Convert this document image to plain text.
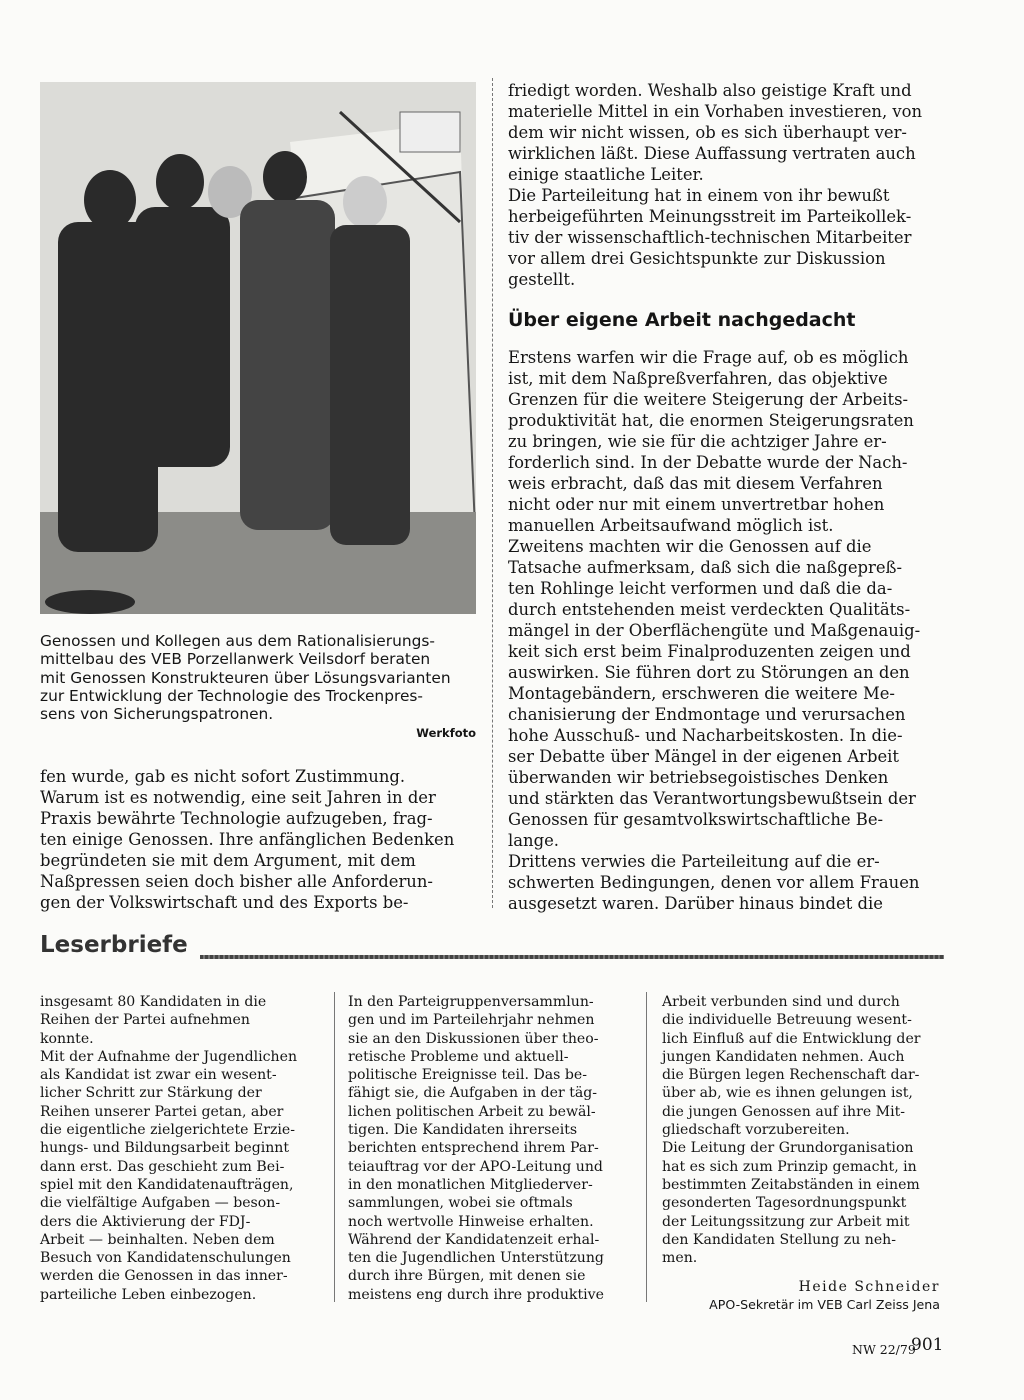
Genossen und Kollegen aus dem Rationalisierungs-
mittelbau des VEB Porzellanwerk Veilsdorf beraten
mit Genossen Konstrukteuren über Lösungsvarianten
zur Entwicklung der Technologie des Trockenpres-
sens von Sicherungspatronen.

Werkfoto

fen wurde, gab es nicht sofort Zustimmung.
Warum ist es notwendig, eine seit Jahren in der
Praxis bewährte Technologie aufzugeben, frag-
ten einige Genossen. Ihre anfänglichen Bedenken
begründeten sie mit dem Argument, mit dem
Naßpressen seien doch bisher alle Anforderun-
gen der Volkswirtschaft und des Exports be-

friedigt worden. Weshalb also geistige Kraft und
materielle Mittel in ein Vorhaben investieren, von
dem wir nicht wissen, ob es sich überhaupt ver-
wirklichen läßt. Diese Auffassung vertraten auch
einige staatliche Leiter.
Die Parteileitung hat in einem von ihr bewußt
herbeigeführten Meinungsstreit im Parteikollek-
tiv der wissenschaftlich-technischen Mitarbeiter
vor allem drei Gesichtspunkte zur Diskussion
gestellt.

Über eigene Arbeit nachgedacht

Erstens warfen wir die Frage auf, ob es möglich
ist, mit dem Naßpreßverfahren, das objektive
Grenzen für die weitere Steigerung der Arbeits-
produktivität hat, die enormen Steigerungsraten
zu bringen, wie sie für die achtziger Jahre er-
forderlich sind. In der Debatte wurde der Nach-
weis erbracht, daß das mit diesem Verfahren
nicht oder nur mit einem unvertretbar hohen
manuellen Arbeitsaufwand möglich ist.
Zweitens machten wir die Genossen auf die
Tatsache aufmerksam, daß sich die naßgepreß-
ten Rohlinge leicht verformen und daß die da-
durch entstehenden meist verdeckten Qualitäts-
mängel in der Oberflächengüte und Maßgenauig-
keit sich erst beim Finalproduzenten zeigen und
auswirken. Sie führen dort zu Störungen an den
Montagebändern, erschweren die weitere Me-
chanisierung der Endmontage und verursachen
hohe Ausschuß- und Nacharbeitskosten. In die-
ser Debatte über Mängel in der eigenen Arbeit
überwanden wir betriebsegoistisches Denken
und stärkten das Verantwortungsbewußtsein der
Genossen für gesamtvolkswirtschaftliche Be-
lange.
Drittens verwies die Parteileitung auf die er-
schwerten Bedingungen, denen vor allem Frauen
ausgesetzt waren. Darüber hinaus bindet die

Leserbriefe

insgesamt 80 Kandidaten in die
Reihen der Partei aufnehmen
konnte.
Mit der Aufnahme der Jugendlichen
als Kandidat ist zwar ein wesent-
licher Schritt zur Stärkung der
Reihen unserer Partei getan, aber
die eigentliche zielgerichtete Erzie-
hungs- und Bildungsarbeit beginnt
dann erst. Das geschieht zum Bei-
spiel mit den Kandidatenaufträgen,
die vielfältige Aufgaben — beson-
ders die Aktivierung der FDJ-
Arbeit — beinhalten. Neben dem
Besuch von Kandidatenschulungen
werden die Genossen in das inner-
parteiliche Leben einbezogen.

In den Parteigruppenversammlun-
gen und im Parteilehrjahr nehmen
sie an den Diskussionen über theo-
retische Probleme und aktuell-
politische Ereignisse teil. Das be-
fähigt sie, die Aufgaben in der täg-
lichen politischen Arbeit zu bewäl-
tigen. Die Kandidaten ihrerseits
berichten entsprechend ihrem Par-
teiauftrag vor der APO-Leitung und
in den monatlichen Mitgliederver-
sammlungen, wobei sie oftmals
noch wertvolle Hinweise erhalten.
Während der Kandidatenzeit erhal-
ten die Jugendlichen Unterstützung
durch ihre Bürgen, mit denen sie
meistens eng durch ihre produktive

Arbeit verbunden sind und durch
die individuelle Betreuung wesent-
lich Einfluß auf die Entwicklung der
jungen Kandidaten nehmen. Auch
die Bürgen legen Rechenschaft dar-
über ab, wie es ihnen gelungen ist,
die jungen Genossen auf ihre Mit-
gliedschaft vorzubereiten.
Die Leitung der Grundorganisation
hat es sich zum Prinzip gemacht, in
bestimmten Zeitabständen in einem
gesonderten Tagesordnungspunkt
der Leitungssitzung zur Arbeit mit
den Kandidaten Stellung zu neh-
men.

Heide Schneider
APO-Sekretär im VEB Carl Zeiss Jena
NW 22/79
901
